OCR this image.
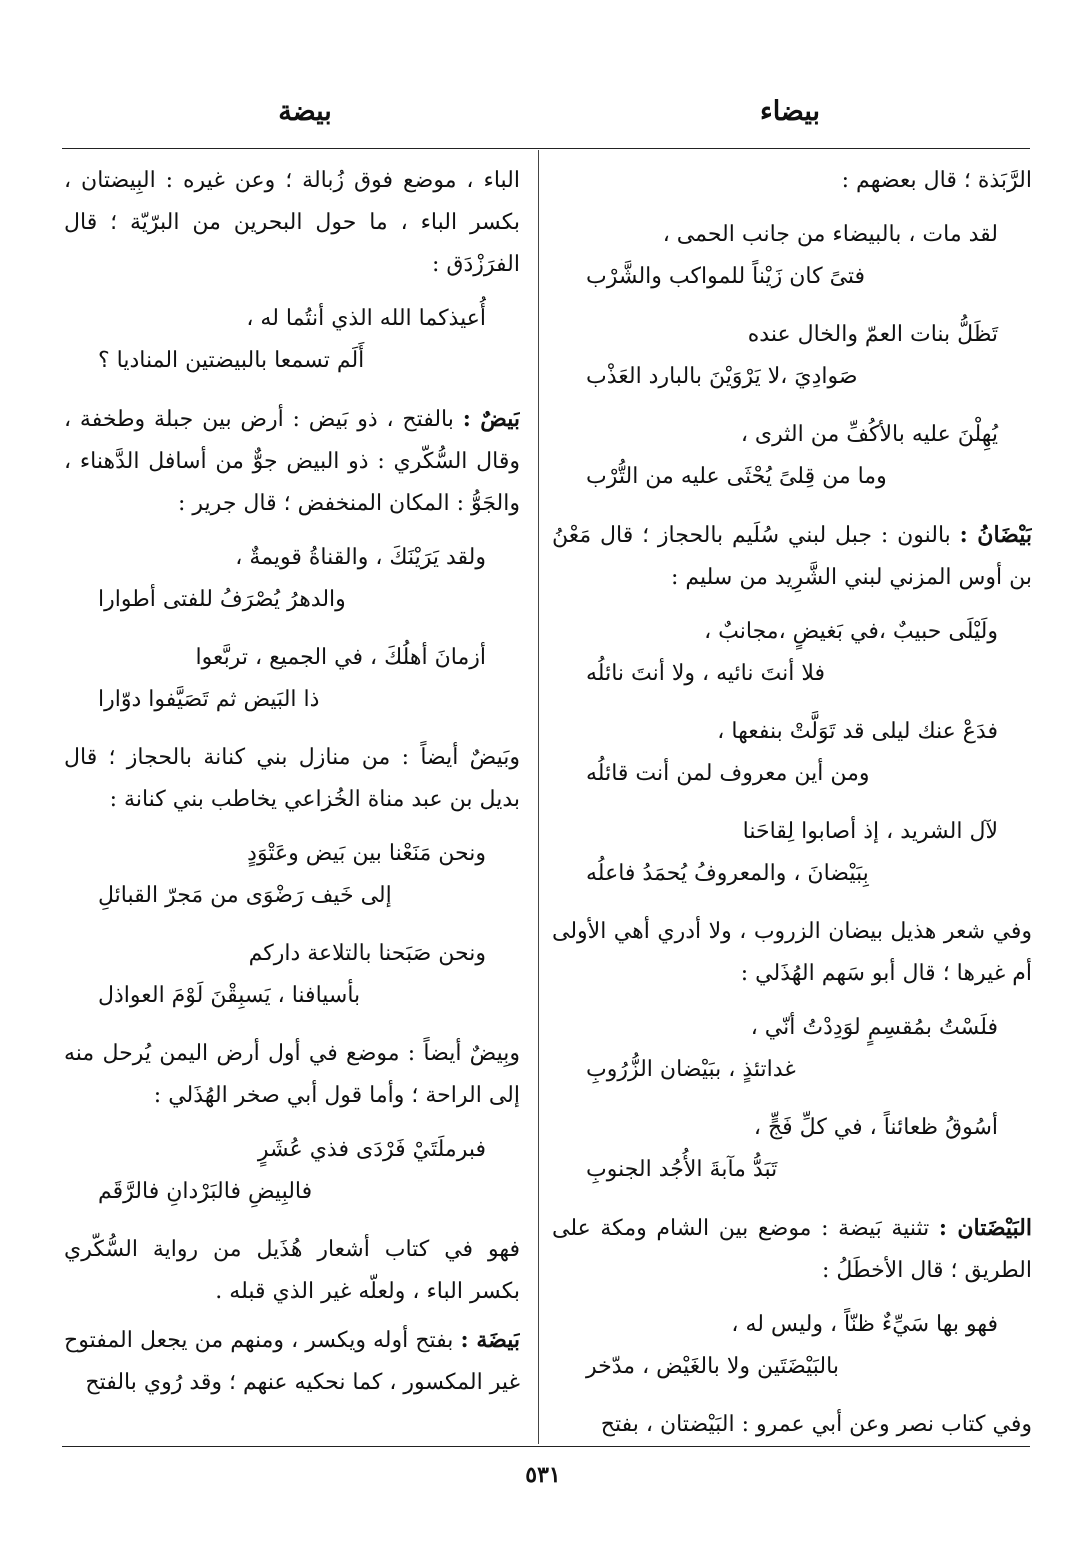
بيضاء
بيضة

الرَّبَذة ؛ قال بعضهم :

لقد مات ، بالبيضاء من جانب الحمى ،
فتىً كان زَيْناً للمواكب والشَّرْب
تَظَلُّ بنات العمّ والخال عنده
صَوادِيَ ،لا يَرْوَيْنَ بالبارد العَذْب
يُهِلْنَ عليه بالأكُفِّ من الثرى ،
وما من قِلىً يُحْثَى عليه من التُّرْب

بَيْضَانُ : بالنون : جبل لبني سُلَيم بالحجاز ؛ قال مَعْنُ بن أوس المزني لبني الشَّرِيد من سليم :

ولَيْلَى حبيبٌ ،في بَغيضٍ ،مجانبٌ ،
فلا أنتَ نائيه ، ولا أنتَ نائلُه
فدَعْ عنك ليلى قد تَوَلَّتْ بنفعها ،
ومن أين معروف لمن أنت قائلُه
لآل الشريد ، إذ أصابوا لِقاحَنا
بِبَيْضانَ ، والمعروفُ يُحمَدُ فاعلُه

وفي شعر هذيل بيضان الزروب ، ولا أدري أهي الأولى أم غيرها ؛ قال أبو سَهم الهُذَلي :

فلَسْتُ بمُقسِمٍ لوَدِدْتُ أنّي ،
غداتئذٍ ، ببَيْضان الزُّرُوبِ
أسُوقُ ظعائناً ، في كلِّ فَجٍّ ،
تَبَدُّ مآبةَ الأُجُد الجنوبِ

البَيْضَتان : تثنية بَيضة : موضع بين الشام ومكة على الطريق ؛ قال الأخطَلُ :

فهو بها سَيِّءٌ ظنّاً ، وليس له ،
بالبَيْضَتَين ولا بالغَيْض ، مدّخر

وفي كتاب نصر وعن أبي عمرو : البَيْضتان ، بفتح

الباء ، موضع فوق زُبالة ؛ وعن غيره : البِيضتان ، بكسر الباء ، ما حول البحرين من البرّيّة ؛ قال الفرَزْدَق :

أُعيذكما الله الذي أنتُما له ،
أَلَم تسمعا بالبيضتين المناديا ؟

بَيضٌ : بالفتح ، ذو بَيض : أرض بين جبلة وطخفة ، وقال السُّكّري : ذو البيض جوٌّ من أسافل الدَّهناء ، والجَوُّ : المكان المنخفض ؛ قال جرير :

ولقد يَرَيْنَكَ ، والقناةُ قويمةٌ ،
والدهرُ يُصْرَفُ للفتى أطوارا
أزمانَ أهلُكَ ، في الجميع ، تربَّعوا
ذا البَيض ثم تَصَيَّفوا دوّارا

وبَيضٌ أيضاً : من منازل بني كنانة بالحجاز ؛ قال بديل بن عبد مناة الخُزاعي يخاطب بني كنانة :

ونحن مَنَعْنا بين بَيض وعَتْوَدٍ
إلى خَيف رَضْوَى من مَجرّ القبائلِ
ونحن صَبَحنا بالتلاعة داركم
بأسيافنا ، يَسبِقْنَ لَوْمَ العواذل

وبِيضٌ أيضاً : موضع في أول أرض اليمن يُرحل منه إلى الراحة ؛ وأما قول أبي صخر الهُذَلي :

فبرملَتَيْ فَرْدَى فذي عُشَرٍ
فالبِيضِ فالبَرْدانِ فالرَّقَم

فهو في كتاب أشعار هُذَيل من رواية السُّكّري بكسر الباء ، ولعلّه غير الذي قبله .

بَيضَة : بفتح أوله ويكسر ، ومنهم من يجعل المفتوح غير المكسور ، كما نحكيه عنهم ؛ وقد رُوي بالفتح

٥٣١
